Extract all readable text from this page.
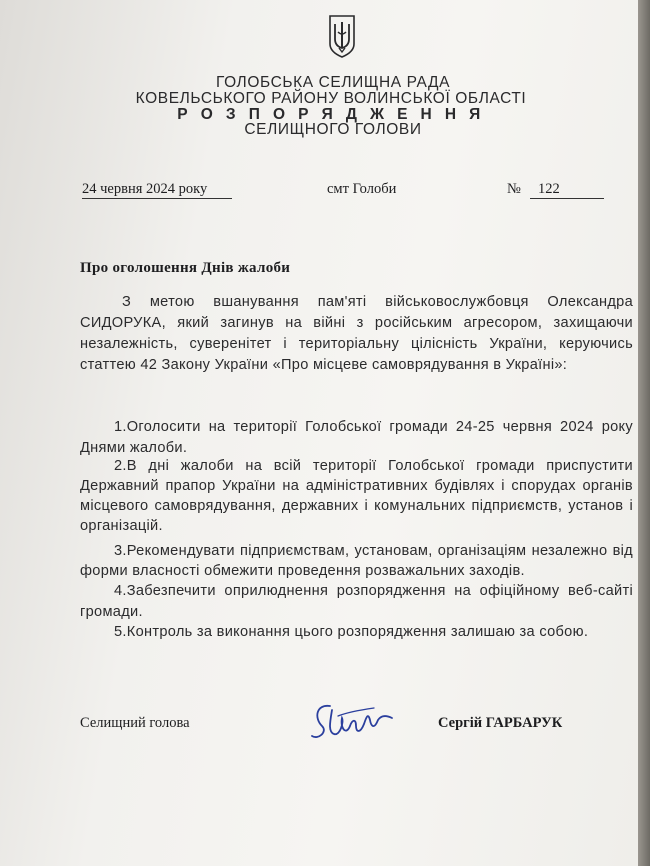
ГОЛОБСЬКА СЕЛИЩНА РАДА
КОВЕЛЬСЬКОГО РАЙОНУ ВОЛИНСЬКОЇ ОБЛАСТІ
Р О З П О Р Я Д Ж Е Н Н Я
СЕЛИЩНОГО ГОЛОВИ
24 червня 2024 року	смт Голоби	№	122
Про оголошення Днів жалоби
З метою вшанування пам'яті військовослужбовця Олександра СИДОРУКА, який загинув на війні з російським агресором, захищаючи незалежність, суверенітет і територіальну цілісність України, керуючись статтею 42 Закону України «Про місцеве самоврядування в Україні»:
1.Оголосити на території Голобської громади 24-25 червня 2024 року Днями жалоби.
2.В дні жалоби на всій території Голобської громади приспустити Державний прапор України на адміністративних будівлях і спорудах органів місцевого самоврядування, державних і комунальних підприємств, установ і організацій.
3.Рекомендувати підприємствам, установам, організаціям незалежно від форми власності обмежити проведення розважальних заходів.
4.Забезпечити оприлюднення розпорядження на офіційному веб-сайті громади.
5.Контроль за виконання цього розпорядження залишаю за собою.
Селищний голова	Сергій ГАРБАРУК
